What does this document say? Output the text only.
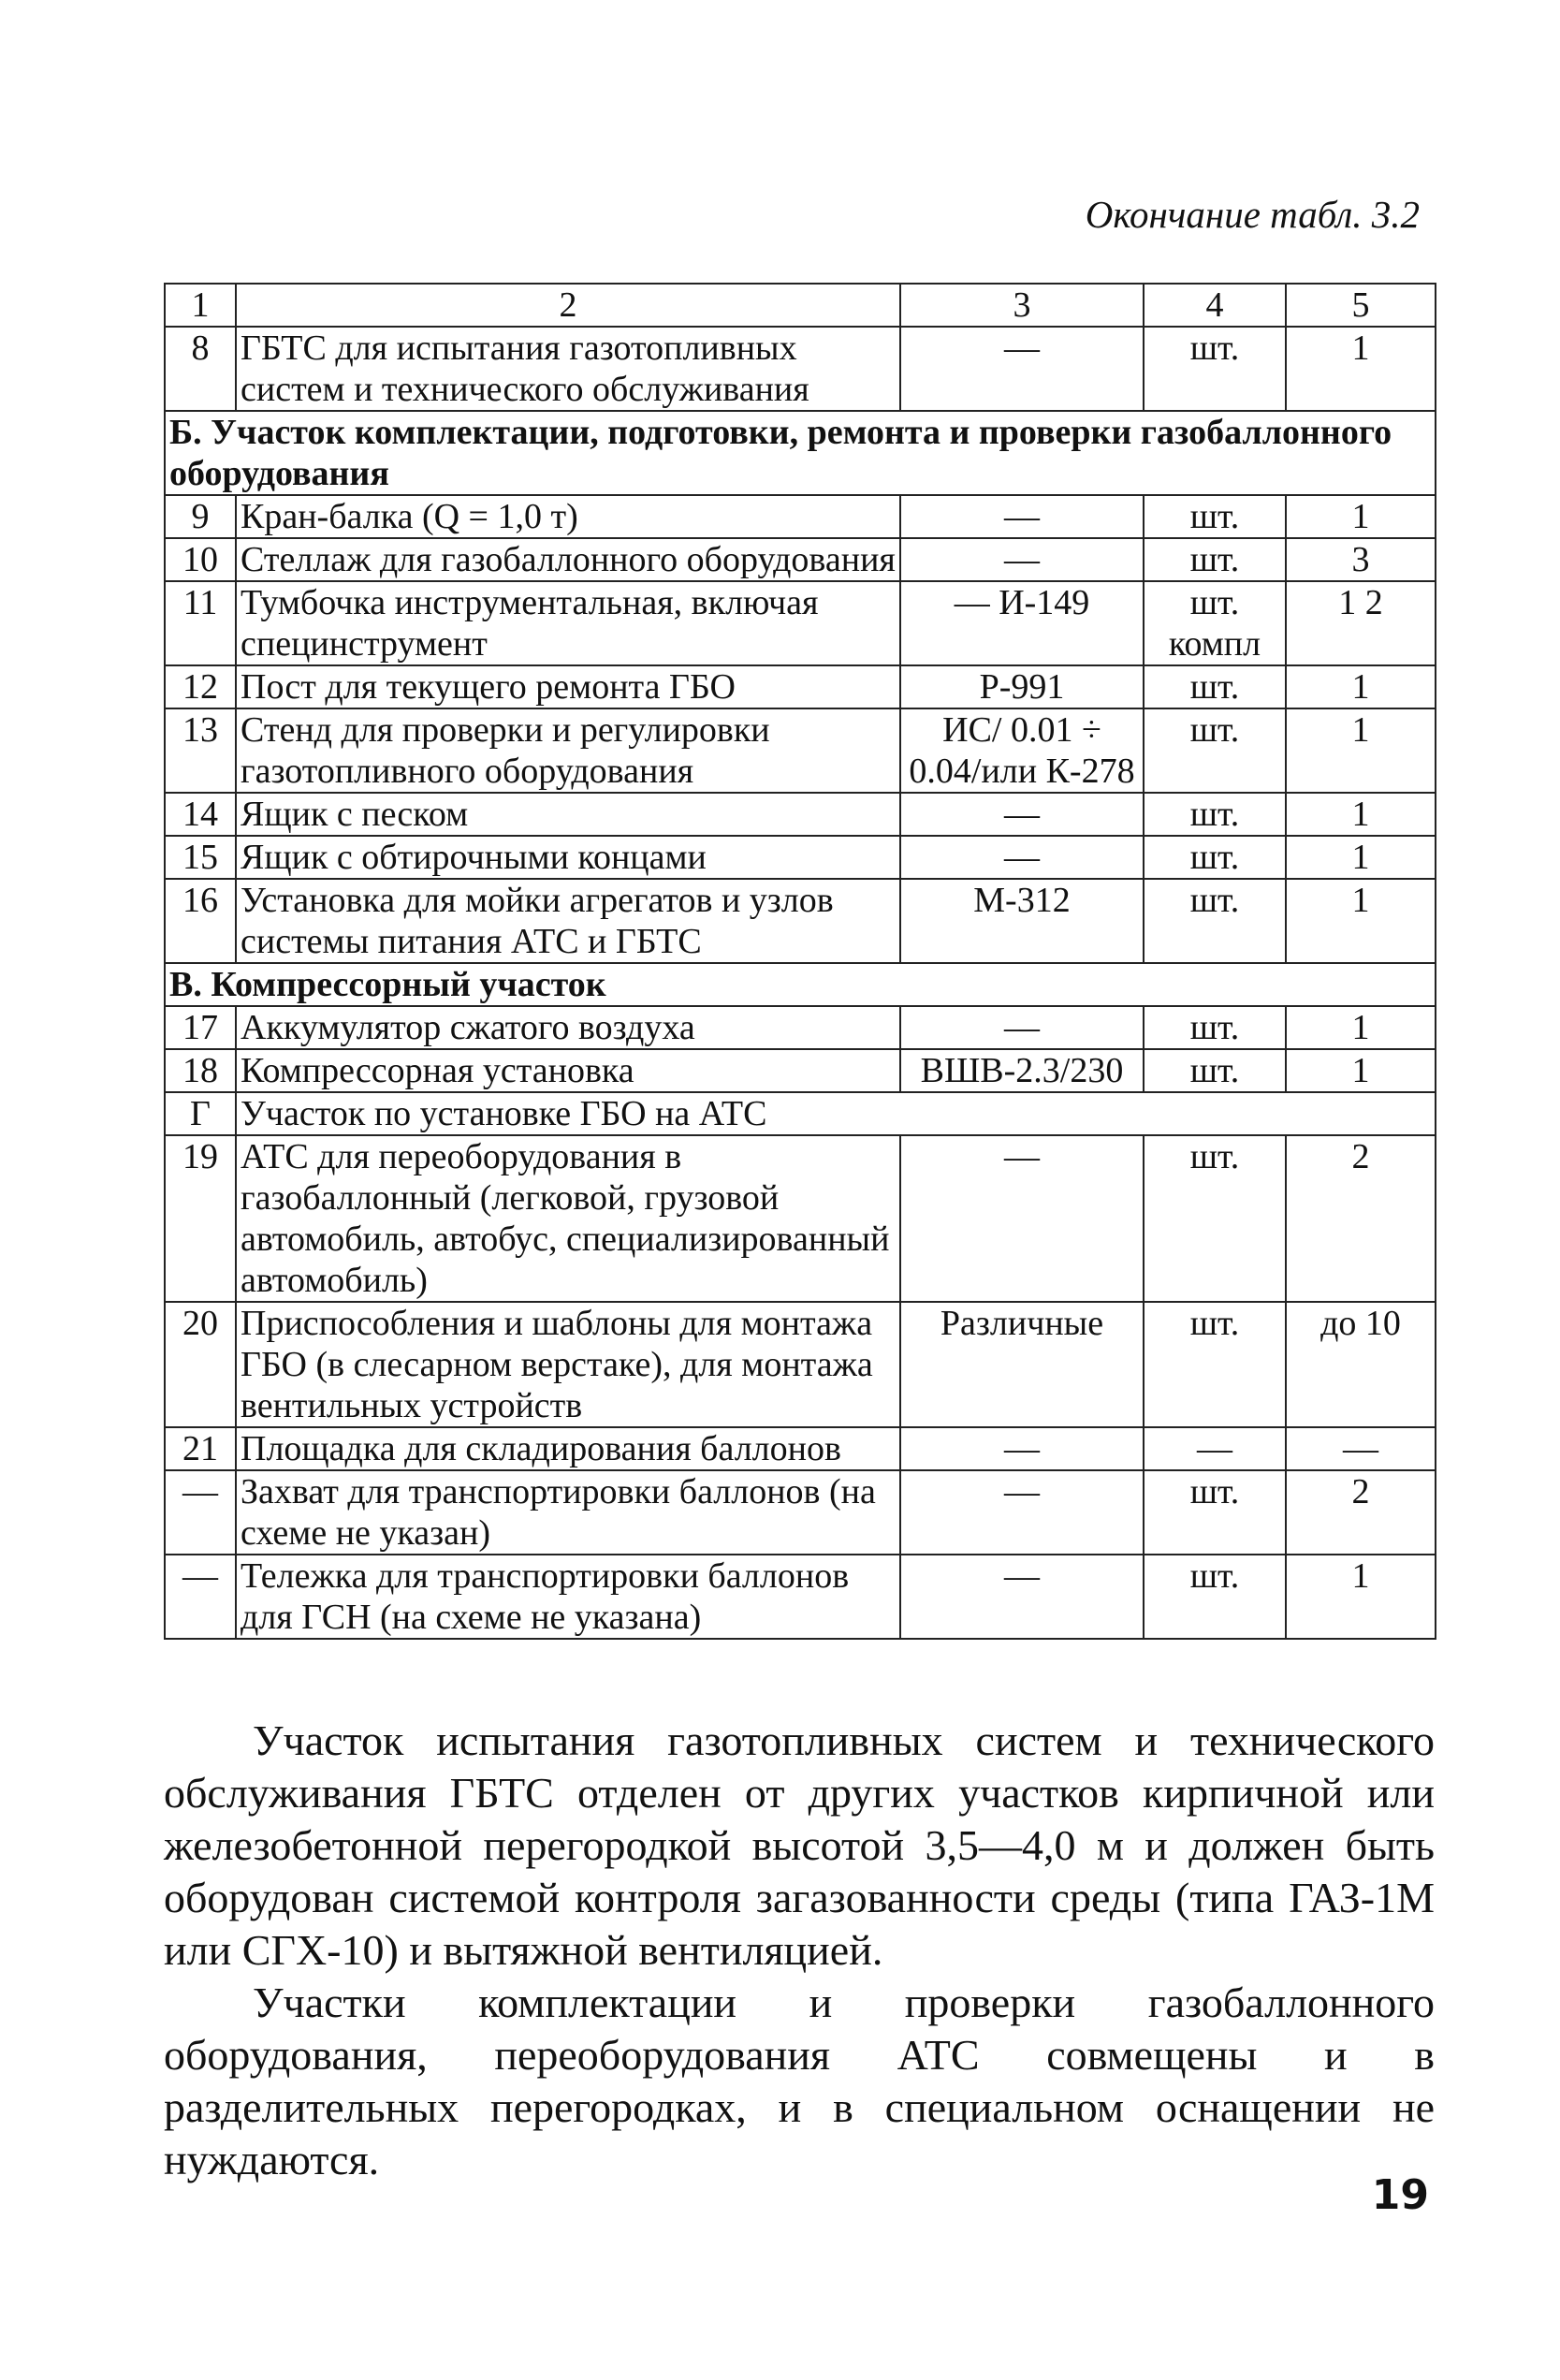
Окончание табл. 3.2
1	2	3	4	5
8	ГБТС для испытания газотопливных систем и технического обслуживания	—	шт.	1
Б. Участок комплектации, подготовки, ремонта и проверки газобаллонного оборудования				
9	Кран-балка (Q = 1,0 т)	—	шт.	1
10	Стеллаж для газобаллонного оборудования	—	шт.	3
11	Тумбочка инструментальная, включая специнструмент	— И-149	шт. компл	1 2
12	Пост для текущего ремонта ГБО	Р-991	шт.	1
13	Стенд для проверки и регулировки газотопливного оборудования	ИС/ 0.01 ÷ 0.04/или К-278	шт.	1
14	Ящик с песком	—	шт.	1
15	Ящик с обтирочными концами	—	шт.	1
16	Установка для мойки агрегатов и узлов системы питания АТС и ГБТС	М-312	шт.	1
В. Компрессорный участок				
17	Аккумулятор сжатого воздуха	—	шт.	1
18	Компрессорная установка	ВШВ-2.3/230	шт.	1
Г	Участок по установке ГБО на АТС			
19	АТС для переоборудования в газобаллонный (легковой, грузовой автомобиль, автобус, специализированный автомобиль)	—	шт.	2
20	Приспособления и шаблоны для монтажа ГБО (в слесарном верстаке), для монтажа вентильных устройств	Различные	шт.	до 10
21	Площадка для складирования баллонов	—	—	—
—	Захват для транспортировки баллонов (на схеме не указан)	—	шт.	2
—	Тележка для транспортировки баллонов для ГСН (на схеме не указана)	—	шт.	1

Участок испытания газотопливных систем и технического обслуживания ГБТС отделен от других участков кирпичной или железобетонной перегородкой высотой 3,5—4,0 м и должен быть оборудован системой контроля загазованности среды (типа ГАЗ-1М или СГХ-10) и вытяжной вентиляцией.

Участки комплектации и проверки газобаллонного оборудования, переоборудования АТС совмещены и в разделительных перегородках, и в специальном оснащении не нуждаются.

19
